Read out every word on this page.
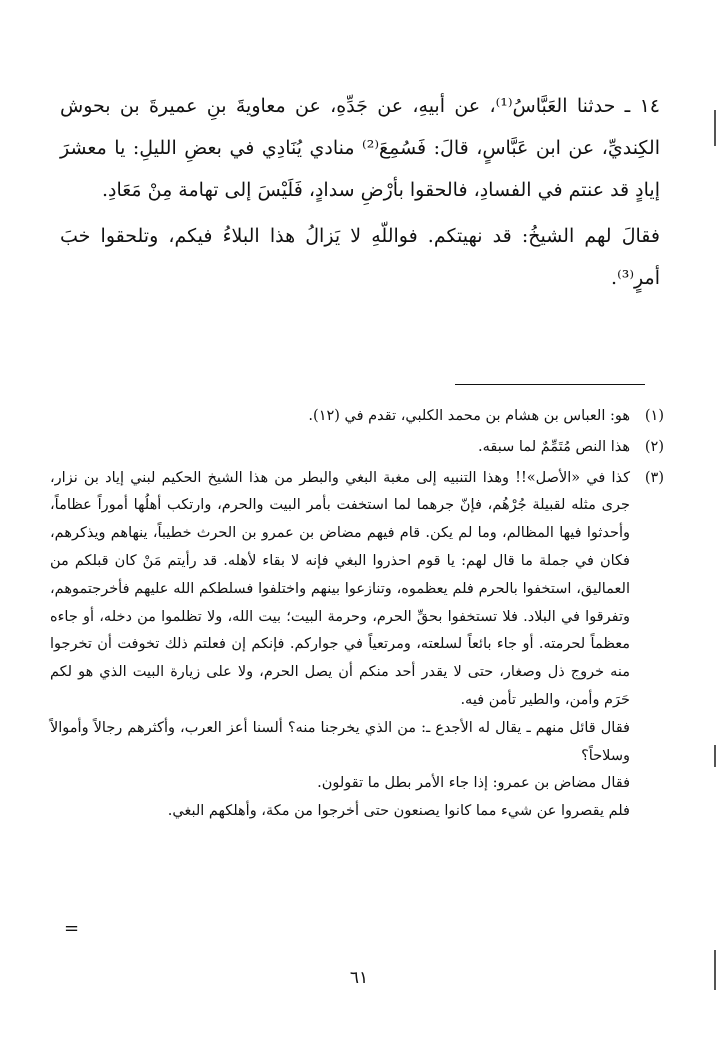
١٤ ـ حدثنا العَبَّاسُ⁽¹⁾، عن أبيهِ، عن جَدِّهِ، عن معاويةَ بنِ عميرةَ بن بحوش الكِنديِّ، عن ابن عَبَّاسٍ، قالَ: فَسُمِعَ⁽²⁾ منادي يُنَادِي في بعضِ الليلِ: يا معشرَ إيادٍ قد عنتم في الفسادِ، فالحقوا بأرْضِ سدادٍ، فَلَيْسَ إلى تهامة مِنْ مَعَادِ.

فقالَ لهم الشيخُ: قد نهيتكم. فواللّهِ لا يَزالُ هذا البلاءُ فيكم، وتلحقوا خبَ أمرٍ⁽³⁾.

(١)
هو: العباس بن هشام بن محمد الكلبي، تقدم في (١٢).
(٢)
هذا النص مُتَمِّمٌ لما سبقه.
(٣)
كذا في «الأصل»!! وهذا التنبيه إلى مغبة البغي والبطر من هذا الشيخ الحكيم لبني إياد بن نزار، جرى مثله لقبيلة جُرْهُم، فإنّ جرهما لما استخفت بأمر البيت والحرم، وارتكب أهلُها أموراً عظاماً، وأحدثوا فيها المظالم، وما لم يكن. قام فيهم مضاض بن عمرو بن الحرث خطيباً، ينهاهم ويذكرهم، فكان في جملة ما قال لهم: يا قوم احذروا البغي فإنه لا بقاء لأهله. قد رأيتم مَنْ كان قبلكم من العماليق، استخفوا بالحرم فلم يعظموه، وتنازعوا بينهم واختلفوا فسلطكم الله عليهم فأخرجتموهم، وتفرقوا في البلاد. فلا تستخفوا بحقِّ الحرم، وحرمة البيت؛ بيت الله، ولا تظلموا من دخله، أو جاءه معظماً لحرمته. أو جاء بائعاً لسلعته، ومرتعياً في جواركم. فإنكم إن فعلتم ذلك تخوفت أن تخرجوا منه خروج ذل وصغار، حتى لا يقدر أحد منكم أن يصل الحرم، ولا على زيارة البيت الذي هو لكم حَرَم وأمن، والطير تأمن فيه.
فقال قائل منهم ـ يقال له الأجدع ـ: من الذي يخرجنا منه؟ ألسنا أعز العرب، وأكثرهم رجالاً وأموالاً وسلاحاً؟
فقال مضاض بن عمرو: إذا جاء الأمر بطل ما تقولون.
فلم يقصروا عن شيء مما كانوا يصنعون حتى أخرجوا من مكة، وأهلكهم البغي.
=
٦١
